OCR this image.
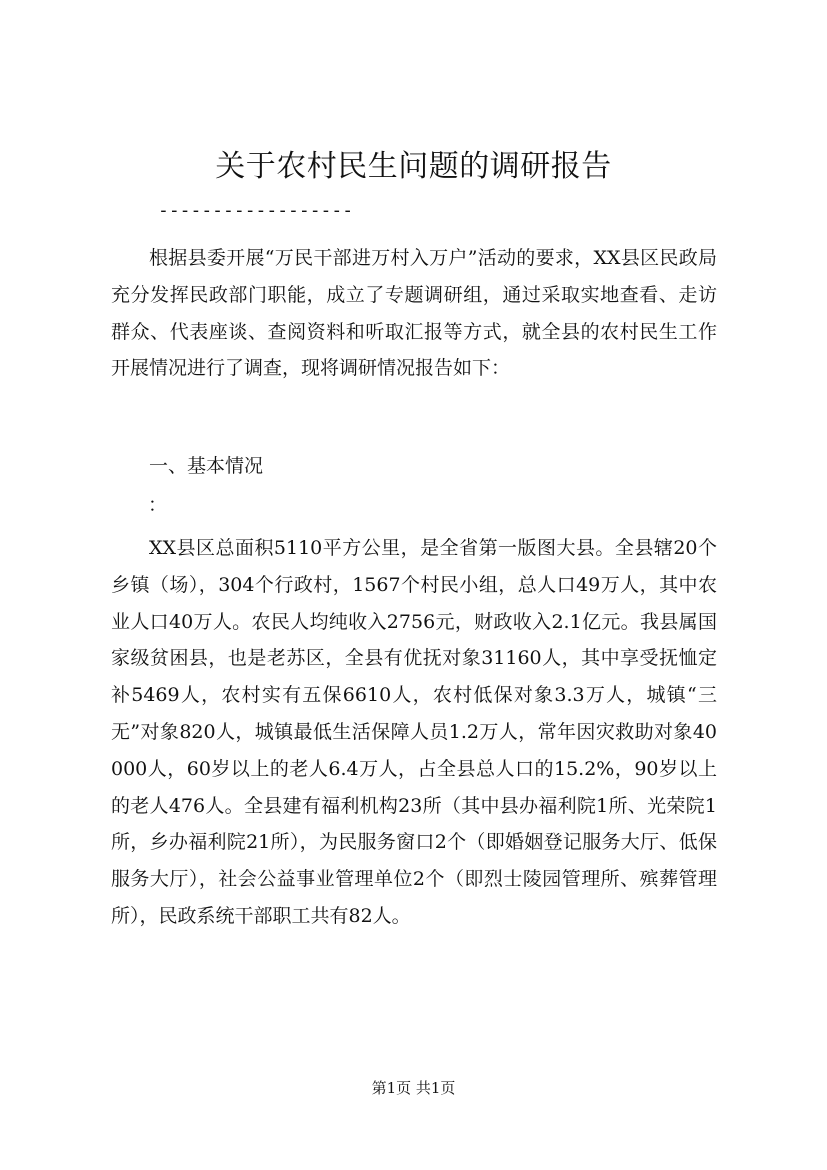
关于农村民生问题的调研报告
------------------
根据县委开展“万民干部进万村入万户”活动的要求，XX县区民政局充分发挥民政部门职能，成立了专题调研组，通过采取实地查看、走访群众、代表座谈、查阅资料和听取汇报等方式，就全县的农村民生工作开展情况进行了调查，现将调研情况报告如下：
一、基本情况
：
XX县区总面积5110平方公里，是全省第一版图大县。全县辖20个乡镇（场），304个行政村，1567个村民小组，总人口49万人，其中农业人口40万人。农民人均纯收入2756元，财政收入2.1亿元。我县属国家级贫困县，也是老苏区，全县有优抚对象31160人，其中享受抚恤定补5469人，农村实有五保6610人，农村低保对象3.3万人，城镇“三无”对象820人，城镇最低生活保障人员1.2万人，常年因灾救助对象40000人，60岁以上的老人6.4万人，占全县总人口的15.2%，90岁以上的老人476人。全县建有福利机构23所（其中县办福利院1所、光荣院1所，乡办福利院21所），为民服务窗口2个（即婚姻登记服务大厅、低保服务大厅），社会公益事业管理单位2个（即烈士陵园管理所、殡葬管理所），民政系统干部职工共有82人。
第1页 共1页
